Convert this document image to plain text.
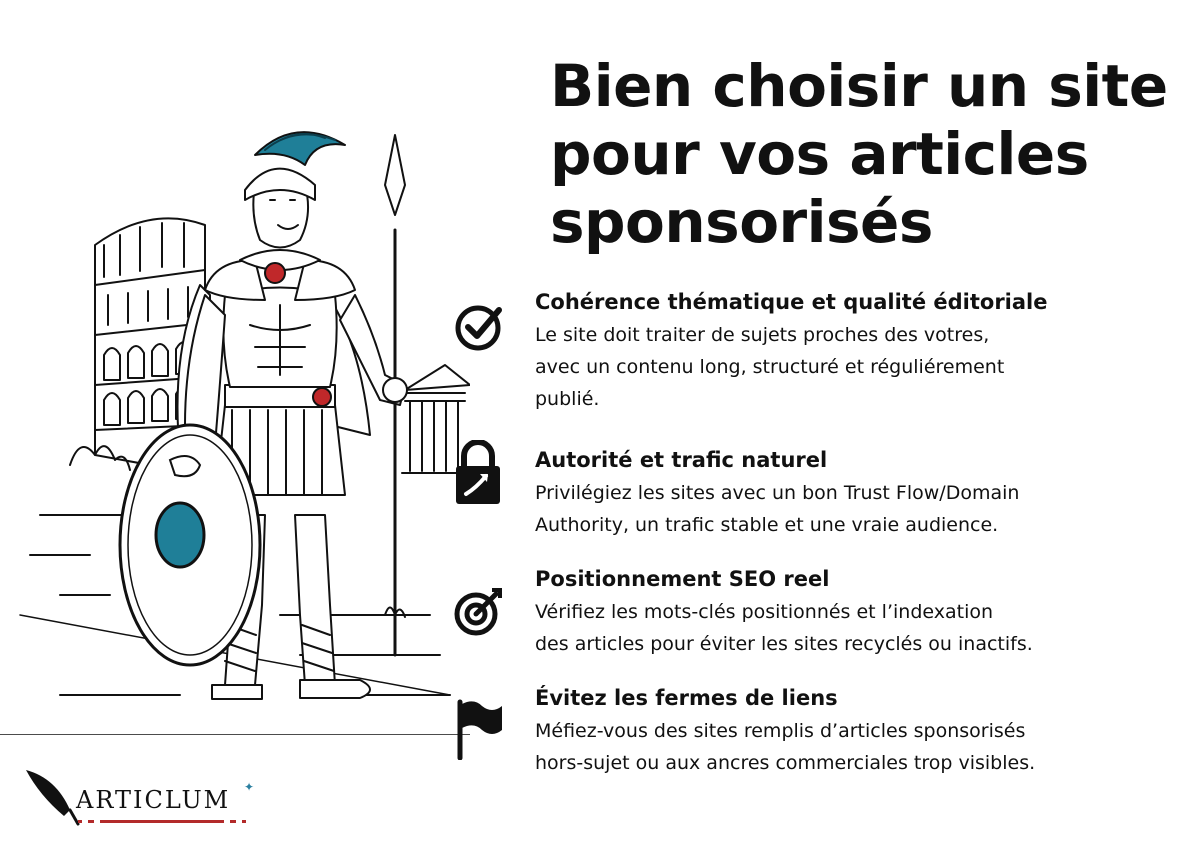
Bien choisir un site
pour vos articles
sponsorisés
Cohérence thématique et qualité éditoriale

Le site doit traiter de sujets proches des votres,
avec un contenu long, structuré et réguliérement
publié.

Autorité et trafic naturel

Privilégiez les sites avec un bon Trust Flow/Domain
Authority, un trafic stable et une vraie audience.

Positionnement SEO reel

Vérifiez les mots-clés positionnés et l’indexation
des articles pour éviter les sites recyclés ou inactifs.

Évitez les fermes de liens

Méfiez-vous des sites remplis d’articles sponsorisés
hors-sujet ou aux ancres commerciales trop visibles.

ARTICLUM ✦
